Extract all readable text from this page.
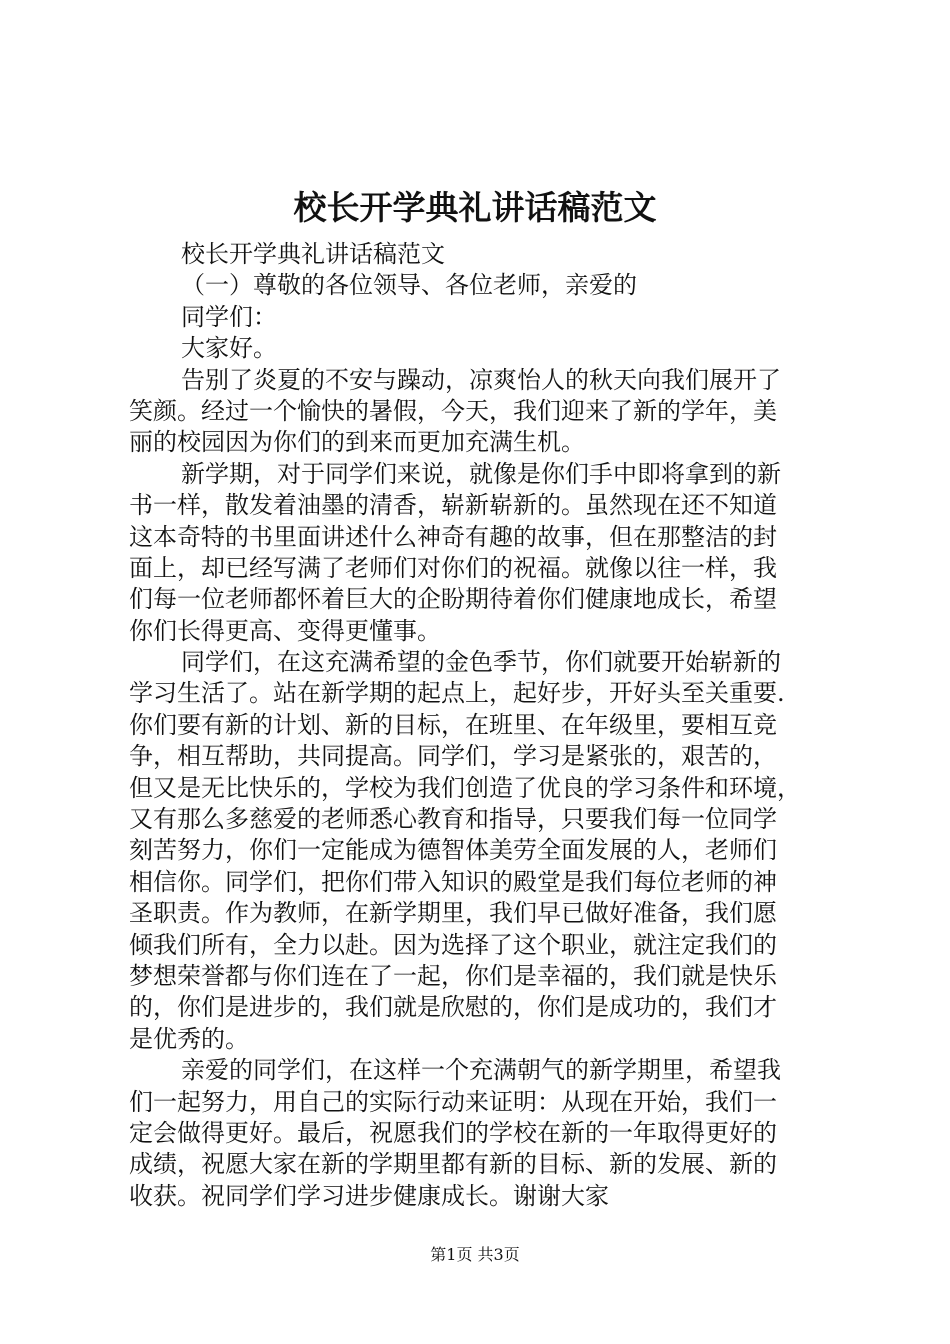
校长开学典礼讲话稿范文

校长开学典礼讲话稿范文

（一）尊敬的各位领导、各位老师，亲爱的

同学们：

大家好。

告别了炎夏的不安与躁动，凉爽怡人的秋天向我们展开了

笑颜。经过一个愉快的暑假，今天，我们迎来了新的学年，美

丽的校园因为你们的到来而更加充满生机。

新学期，对于同学们来说，就像是你们手中即将拿到的新

书一样，散发着油墨的清香，崭新崭新的。虽然现在还不知道

这本奇特的书里面讲述什么神奇有趣的故事，但在那整洁的封

面上，却已经写满了老师们对你们的祝福。就像以往一样，我

们每一位老师都怀着巨大的企盼期待着你们健康地成长，希望

你们长得更高、变得更懂事。

同学们，在这充满希望的金色季节，你们就要开始崭新的

学习生活了。站在新学期的起点上，起好步，开好头至关重要.

你们要有新的计划、新的目标，在班里、在年级里，要相互竞

争，相互帮助，共同提高。同学们，学习是紧张的，艰苦的，

但又是无比快乐的，学校为我们创造了优良的学习条件和环境，

又有那么多慈爱的老师悉心教育和指导，只要我们每一位同学

刻苦努力，你们一定能成为德智体美劳全面发展的人，老师们

相信你。同学们，把你们带入知识的殿堂是我们每位老师的神

圣职责。作为教师，在新学期里，我们早已做好准备，我们愿

倾我们所有，全力以赴。因为选择了这个职业，就注定我们的

梦想荣誉都与你们连在了一起，你们是幸福的，我们就是快乐

的，你们是进步的，我们就是欣慰的，你们是成功的，我们才

是优秀的。

亲爱的同学们，在这样一个充满朝气的新学期里，希望我

们一起努力，用自己的实际行动来证明：从现在开始，我们一

定会做得更好。最后，祝愿我们的学校在新的一年取得更好的

成绩，祝愿大家在新的学期里都有新的目标、新的发展、新的

收获。祝同学们学习进步健康成长。谢谢大家

第1页 共3页
